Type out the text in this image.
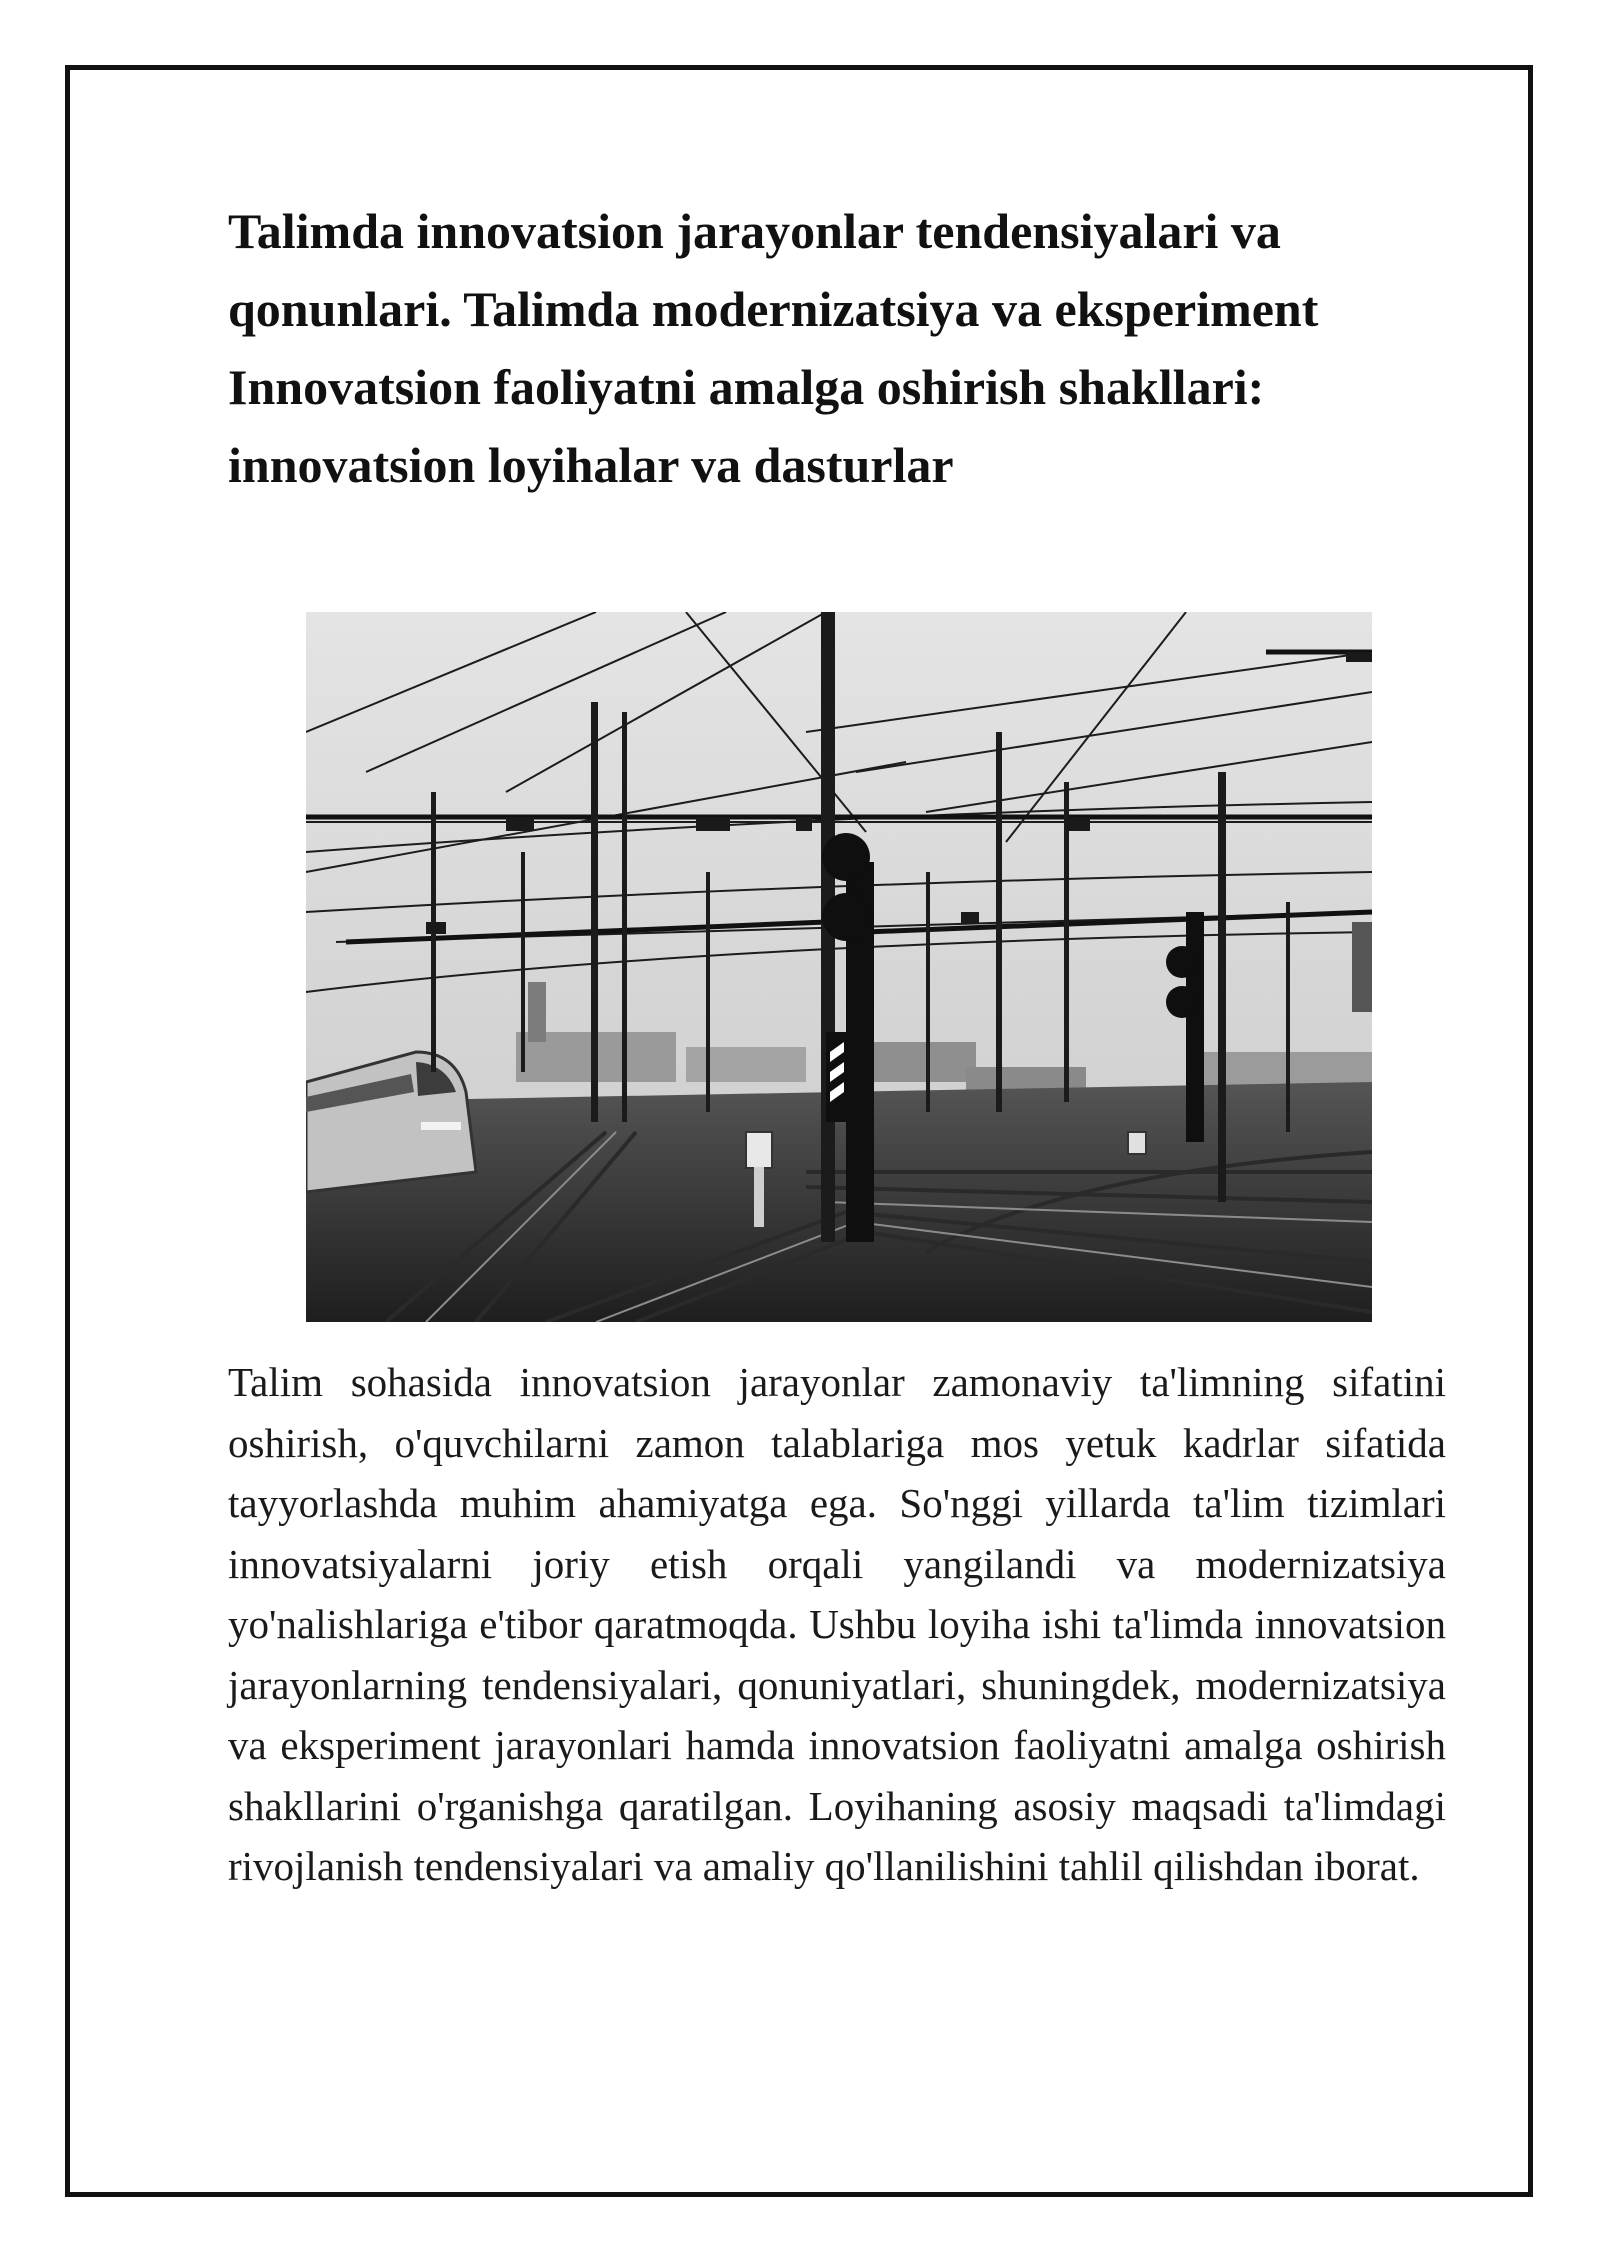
Talimda innovatsion jarayonlar tendensiyalari va qonunlari. Talimda modernizatsiya va eksperiment Innovatsion faoliyatni amalga oshirish shakllari: innovatsion loyihalar va dasturlar

Talim sohasida innovatsion jarayonlar zamonaviy ta'limning sifatini oshirish, o'quvchilarni zamon talablariga mos yetuk kadrlar sifatida tayyorlashda muhim ahamiyatga ega. So'nggi yillarda ta'lim tizimlari innovatsiyalarni joriy etish orqali yangilandi va modernizatsiya yo'nalishlariga e'tibor qaratmoqda. Ushbu loyiha ishi ta'limda innovatsion jarayonlarning tendensiyalari, qonuniyatlari, shuningdek, modernizatsiya va eksperiment jarayonlari hamda innovatsion faoliyatni amalga oshirish shakllarini o'rganishga qaratilgan. Loyihaning asosiy maqsadi ta'limdagi rivojlanish tendensiyalari va amaliy qo'llanilishini tahlil qilishdan iborat.
